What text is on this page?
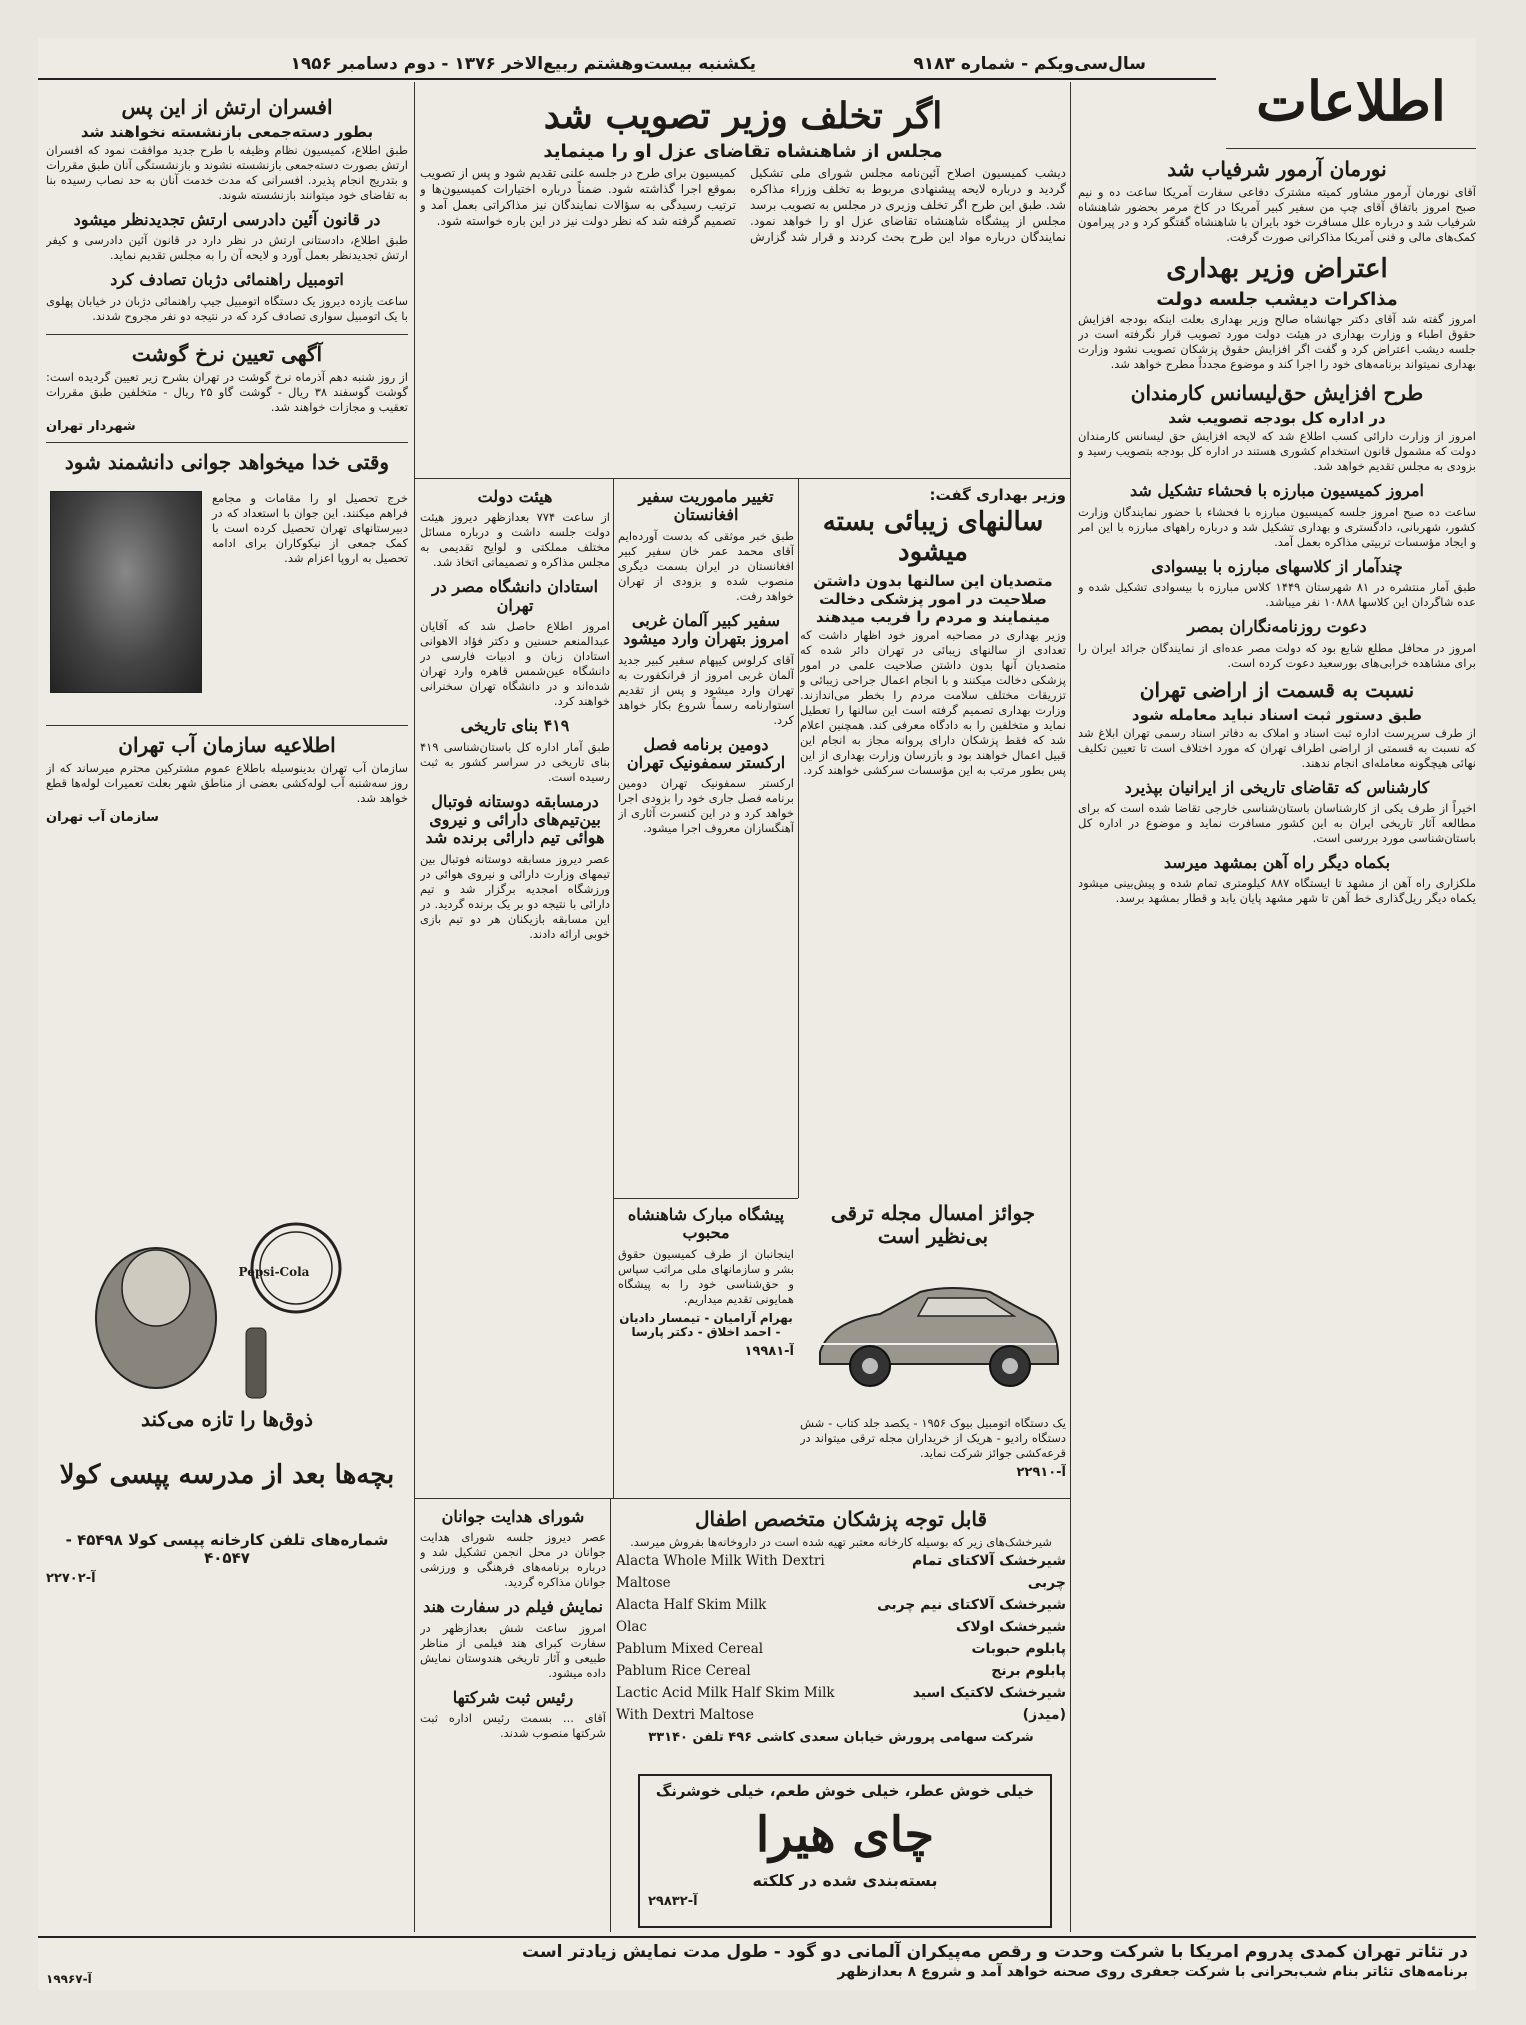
سال‌سی‌ویکم - شماره ۹۱۸۳
یکشنبه بیست‌وهشتم ربیع‌الاخر ۱۳۷۶ - دوم دسامبر ۱۹۵۶
اطلاعات
نورمان آرمور شرفیاب شد
آقای نورمان آرمور مشاور کمیته مشترک دفاعی سفارت آمریکا ساعت ده و نیم صبح امروز باتفاق آقای چپ من سفیر کبیر آمریکا در کاخ مرمر بحضور شاهنشاه شرفیاب شد و درباره علل مسافرت خود بایران با شاهنشاه گفتگو کرد و در پیرامون کمک‌های مالی و فنی آمریکا مذاکراتی صورت گرفت.
اعتراض وزیر بهداری
مذاکرات دیشب جلسه دولت
امروز گفته شد آقای دکتر جهانشاه صالح وزیر بهداری بعلت اینکه بودجه افزایش حقوق اطباء و وزارت بهداری در هیئت دولت مورد تصویب قرار نگرفته است در جلسه دیشب اعتراض کرد و گفت اگر افزایش حقوق پزشکان تصویب نشود وزارت بهداری نمیتواند برنامه‌های خود را اجرا کند و موضوع مجدداً مطرح خواهد شد.
طرح افزایش حق‌لیسانس کارمندان
در اداره کل بودجه تصویب شد
امروز از وزارت دارائی کسب اطلاع شد که لایحه افزایش حق لیسانس کارمندان دولت که مشمول قانون استخدام کشوری هستند در اداره کل بودجه بتصویب رسید و بزودی به مجلس تقدیم خواهد شد.
امروز کمیسیون مبارزه با فحشاء تشکیل شد
ساعت ده صبح امروز جلسه کمیسیون مبارزه با فحشاء با حضور نمایندگان وزارت کشور، شهربانی، دادگستری و بهداری تشکیل شد و درباره راههای مبارزه با این امر و ایجاد مؤسسات تربیتی مذاکره بعمل آمد.
چندآمار از کلاسهای مبارزه با بیسوادی
طبق آمار منتشره در ۸۱ شهرستان ۱۴۴۹ کلاس مبارزه با بیسوادی تشکیل شده و عده شاگردان این کلاسها ۱۰۸۸۸ نفر میباشد.
دعوت روزنامه‌نگاران بمصر
امروز در محافل مطلع شایع بود که دولت مصر عده‌ای از نمایندگان جرائد ایران را برای مشاهده خرابی‌های بورسعید دعوت کرده است.
نسبت به قسمت از اراضی تهران
طبق دستور ثبت اسناد نباید معامله شود
از طرف سرپرست اداره ثبت اسناد و املاک به دفاتر اسناد رسمی تهران ابلاغ شد که نسبت به قسمتی از اراضی اطراف تهران که مورد اختلاف است تا تعیین تکلیف نهائی هیچگونه معامله‌ای انجام ندهند.
کارشناس که تقاضای تاریخی از ایرانیان بپذیرد
اخیراً از طرف یکی از کارشناسان باستان‌شناسی خارجی تقاضا شده است که برای مطالعه آثار تاریخی ایران به این کشور مسافرت نماید و موضوع در اداره کل باستان‌شناسی مورد بررسی است.
بکماه دیگر راه آهن بمشهد میرسد
ملکزاری راه آهن از مشهد تا ایستگاه ۸۸۷ کیلومتری تمام شده و پیش‌بینی میشود یکماه دیگر ریل‌گذاری خط آهن تا شهر مشهد پایان یابد و قطار بمشهد برسد.
اگر تخلف وزیر تصویب شد
مجلس از شاهنشاه تقاضای عزل او را مینماید
دیشب کمیسیون اصلاح آئین‌نامه مجلس شورای ملی تشکیل گردید و درباره لایحه پیشنهادی مربوط به تخلف وزراء مذاکره شد. طبق این طرح اگر تخلف وزیری در مجلس به تصویب برسد مجلس از پیشگاه شاهنشاه تقاضای عزل او را خواهد نمود. نمایندگان درباره مواد این طرح بحث کردند و قرار شد گزارش کمیسیون برای طرح در جلسه علنی تقدیم شود و پس از تصویب بموقع اجرا گذاشته شود. ضمناً درباره اختیارات کمیسیون‌ها و ترتیب رسیدگی به سؤالات نمایندگان نیز مذاکراتی بعمل آمد و تصمیم گرفته شد که نظر دولت نیز در این باره خواسته شود.
وزیر بهداری گفت:
سالنهای زیبائی بسته میشود
متصدیان این سالنها بدون داشتن صلاحیت در امور پزشکی دخالت مینمایند و مردم را فریب میدهند
وزیر بهداری در مصاحبه امروز خود اظهار داشت که تعدادی از سالنهای زیبائی در تهران دائر شده که متصدیان آنها بدون داشتن صلاحیت علمی در امور پزشکی دخالت میکنند و با انجام اعمال جراحی زیبائی و تزریقات مختلف سلامت مردم را بخطر می‌اندازند. وزارت بهداری تصمیم گرفته است این سالنها را تعطیل نماید و متخلفین را به دادگاه معرفی کند. همچنین اعلام شد که فقط پزشکان دارای پروانه مجاز به انجام این قبیل اعمال خواهند بود و بازرسان وزارت بهداری از این پس بطور مرتب به این مؤسسات سرکشی خواهند کرد.
جوائز امسال مجله ترقی بی‌نظیر است
یک دستگاه اتومبیل بیوک ۱۹۵۶ - یکصد جلد کتاب - شش دستگاه رادیو - هریک از خریداران مجله ترقی میتواند در قرعه‌کشی جوائز شرکت نماید.
آ-۲۲۹۱۰
تغییر ماموریت سفیر افغانستان
طبق خبر موثقی که بدست آورده‌ایم آقای محمد عمر خان سفیر کبیر افغانستان در ایران بسمت دیگری منصوب شده و بزودی از تهران خواهد رفت.
سفیر کبیر آلمان غربی امروز بتهران وارد میشود
آقای کرلوس کیپهام سفیر کبیر جدید آلمان غربی امروز از فرانکفورت به تهران وارد میشود و پس از تقدیم استوارنامه رسماً شروع بکار خواهد کرد.
دومین برنامه فصل ارکستر سمفونیک تهران
ارکستر سمفونیک تهران دومین برنامه فصل جاری خود را بزودی اجرا خواهد کرد و در این کنسرت آثاری از آهنگسازان معروف اجرا میشود.
هیئت دولت
از ساعت ۷۷۴ بعدازظهر دیروز هیئت دولت جلسه داشت و درباره مسائل مختلف مملکتی و لوایح تقدیمی به مجلس مذاکره و تصمیماتی اتخاذ شد.
استادان دانشگاه مصر در تهران
امروز اطلاع حاصل شد که آقایان عبدالمنعم حسنین و دکتر فؤاد الاهوانی استادان زبان و ادبیات فارسی در دانشگاه عین‌شمس قاهره وارد تهران شده‌اند و در دانشگاه تهران سخنرانی خواهند کرد.
۴۱۹ بنای تاریخی
طبق آمار اداره کل باستان‌شناسی ۴۱۹ بنای تاریخی در سراسر کشور به ثبت رسیده است.
درمسابقه دوستانه فوتبال بین‌تیم‌های دارائی و نیروی هوائی تیم دارائی برنده شد
عصر دیروز مسابقه دوستانه فوتبال بین تیمهای وزارت دارائی و نیروی هوائی در ورزشگاه امجدیه برگزار شد و تیم دارائی با نتیجه دو بر یک برنده گردید. در این مسابقه بازیکنان هر دو تیم بازی خوبی ارائه دادند.
پیشگاه مبارک شاهنشاه محبوب
اینجانبان از طرف کمیسیون حقوق بشر و سازمانهای ملی مراتب سپاس و حق‌شناسی خود را به پیشگاه همایونی تقدیم میداریم.
بهرام آرامیان - تیمسار دادیان - احمد اخلاق - دکتر پارسا
آ-۱۹۹۸۱
شورای هدایت جوانان
عصر دیروز جلسه شورای هدایت جوانان در محل انجمن تشکیل شد و درباره برنامه‌های فرهنگی و ورزشی جوانان مذاکره گردید.
نمایش فیلم در سفارت هند
امروز ساعت شش بعدازظهر در سفارت کبرای هند فیلمی از مناظر طبیعی و آثار تاریخی هندوستان نمایش داده میشود.
رئیس ثبت شرکتها
آقای ... بسمت رئیس اداره ثبت شرکتها منصوب شدند.
قابل توجه پزشکان متخصص اطفال
شیرخشک‌های زیر که بوسیله کارخانه معتبر تهیه شده است در داروخانه‌ها بفروش میرسد.
شیرخشک آلاکتای تمام چربی
شیرخشک آلاکتای نیم چربی
شیرخشک اولاک
پابلوم حبوبات
پابلوم برنج
شیرخشک لاکتیک اسید (میدز)
Alacta Whole Milk With Dextri Maltose
Alacta Half Skim Milk
Olac
Pablum Mixed Cereal
Pablum Rice Cereal
Lactic Acid Milk Half Skim Milk
With Dextri Maltose
شرکت سهامی پرورش خیابان سعدی کاشی ۴۹۶ تلفن ۳۳۱۴۰
خیلی خوش عطر، خیلی خوش طعم، خیلی خوشرنگ
چای هیرا
بسته‌بندی شده در کلکته
آ-۲۹۸۳۲
افسران ارتش از این پس
بطور دسته‌جمعی بازنشسته نخواهند شد
طبق اطلاع، کمیسیون نظام وظیفه با طرح جدید موافقت نمود که افسران ارتش بصورت دسته‌جمعی بازنشسته نشوند و بازنشستگی آنان طبق مقررات و بتدریج انجام پذیرد. افسرانی که مدت خدمت آنان به حد نصاب رسیده بنا به تقاضای خود میتوانند بازنشسته شوند.
در قانون آئین دادرسی ارتش تجدیدنظر میشود
طبق اطلاع، دادستانی ارتش در نظر دارد در قانون آئین دادرسی و کیفر ارتش تجدیدنظر بعمل آورد و لایحه آن را به مجلس تقدیم نماید.
اتومبیل راهنمائی دژبان تصادف کرد
ساعت یازده دیروز یک دستگاه اتومبیل جیپ راهنمائی دژبان در خیابان پهلوی با یک اتومبیل سواری تصادف کرد که در نتیجه دو نفر مجروح شدند.
آگهی تعیین نرخ گوشت
از روز شنبه دهم آذرماه نرخ گوشت در تهران بشرح زیر تعیین گردیده است: گوشت گوسفند ۳۸ ریال - گوشت گاو ۲۵ ریال - متخلفین طبق مقررات تعقیب و مجازات خواهند شد.
شهردار تهران
وقتی خدا میخواهد جوانی دانشمند شود
خرج تحصیل او را مقامات و مجامع فراهم میکنند. این جوان با استعداد که در دبیرستانهای تهران تحصیل کرده است با کمک جمعی از نیکوکاران برای ادامه تحصیل به اروپا اعزام شد.
اطلاعیه سازمان آب تهران
سازمان آب تهران بدینوسیله باطلاع عموم مشترکین محترم میرساند که از روز سه‌شنبه آب لوله‌کشی بعضی از مناطق شهر بعلت تعمیرات لوله‌ها قطع خواهد شد.
سازمان آب تهران
Pepsi-Cola
ذوق‌ها را تازه می‌کند
بچه‌ها بعد از مدرسه پپسی کولا
شماره‌های تلفن کارخانه پپسی کولا ۴۵۴۹۸ - ۴۰۵۴۷
آ-۲۲۷۰۲
در تئاتر تهران کمدی پدروم امریکا با شرکت وحدت و رقص مه‌پیکران آلمانی دو گود - طول مدت نمایش زیادتر است
برنامه‌های تئاتر بنام شب‌بحرانی با شرکت جعفری روی صحنه خواهد آمد و شروع ۸ بعدازظهر
آ-۱۹۹۶۷
